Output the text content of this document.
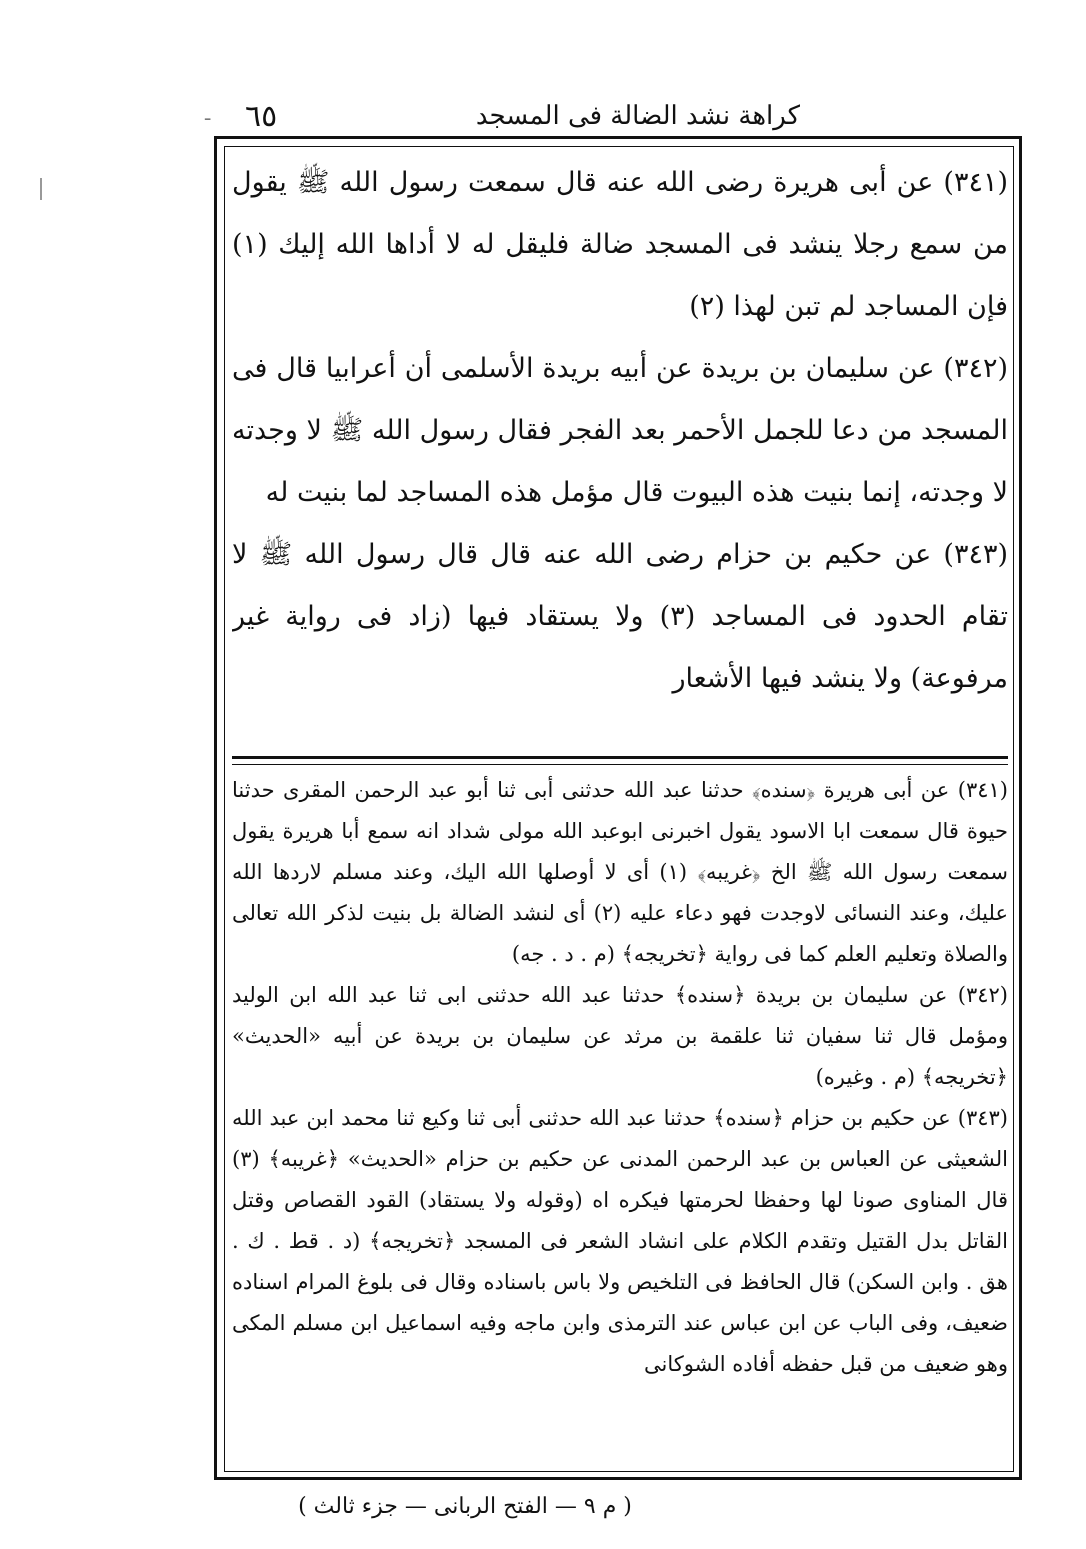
٦٥	كراهة نشد الضالة فى المسجد

(٣٤١) عن أبى هريرة رضى الله عنه قال سمعت رسول الله ﷺ يقول من سمع رجلا ينشد فى المسجد ضالة فليقل له لا أداها الله إليك (١) فإن المساجد لم تبن لهذا (٢)

(٣٤٢) عن سليمان بن بريدة عن أبيه بريدة الأسلمى أن أعرابيا قال فى المسجد من دعا للجمل الأحمر بعد الفجر فقال رسول الله ﷺ لا وجدته لا وجدته، إنما بنيت هذه البيوت قال مؤمل هذه المساجد لما بنيت له

(٣٤٣) عن حكيم بن حزام رضى الله عنه قال قال رسول الله ﷺ لا تقام الحدود فى المساجد (٣) ولا يستقاد فيها (زاد فى رواية غير مرفوعة) ولا ينشد فيها الأشعار

(٣٤١) عن أبى هريرة ﴿سنده﴾ حدثنا عبد الله حدثنى أبى ثنا أبو عبد الرحمن المقرى حدثنا حيوة قال سمعت ابا الاسود يقول اخبرنى ابوعبد الله مولى شداد انه سمع أبا هريرة يقول سمعت رسول الله ﷺ الخ ﴿غريبه﴾ (١) أى لا أوصلها الله اليك، وعند مسلم لاردها الله عليك، وعند النسائى لاوجدت فهو دعاء عليه (٢) أى لنشد الضالة بل بنيت لذكر الله تعالى والصلاة وتعليم العلم كما فى رواية ﴿تخريجه﴾ (م . د . جه)

(٣٤٢) عن سليمان بن بريدة ﴿سنده﴾ حدثنا عبد الله حدثنى ابى ثنا عبد الله ابن الوليد ومؤمل قال ثنا سفيان ثنا علقمة بن مرثد عن سليمان بن بريدة عن أبيه «الحديث» ﴿تخريجه﴾ (م . وغيره)

(٣٤٣) عن حكيم بن حزام ﴿سنده﴾ حدثنا عبد الله حدثنى أبى ثنا وكيع ثنا محمد ابن عبد الله الشعيثى عن العباس بن عبد الرحمن المدنى عن حكيم بن حزام «الحديث» ﴿غريبه﴾ (٣) قال المناوى صونا لها وحفظا لحرمتها فيكره اه (وقوله ولا يستقاد) القود القصاص وقتل القاتل بدل القتيل وتقدم الكلام على انشاد الشعر فى المسجد ﴿تخريجه﴾ (د . قط . ك . هق . وابن السكن) قال الحافظ فى التلخيص ولا باس باسناده وقال فى بلوغ المرام اسناده ضعيف، وفى الباب عن ابن عباس عند الترمذى وابن ماجه وفيه اسماعيل ابن مسلم المكى وهو ضعيف من قبل حفظه أفاده الشوكانى

( م ٩ — الفتح الربانى — جزء ثالث )
ـ
